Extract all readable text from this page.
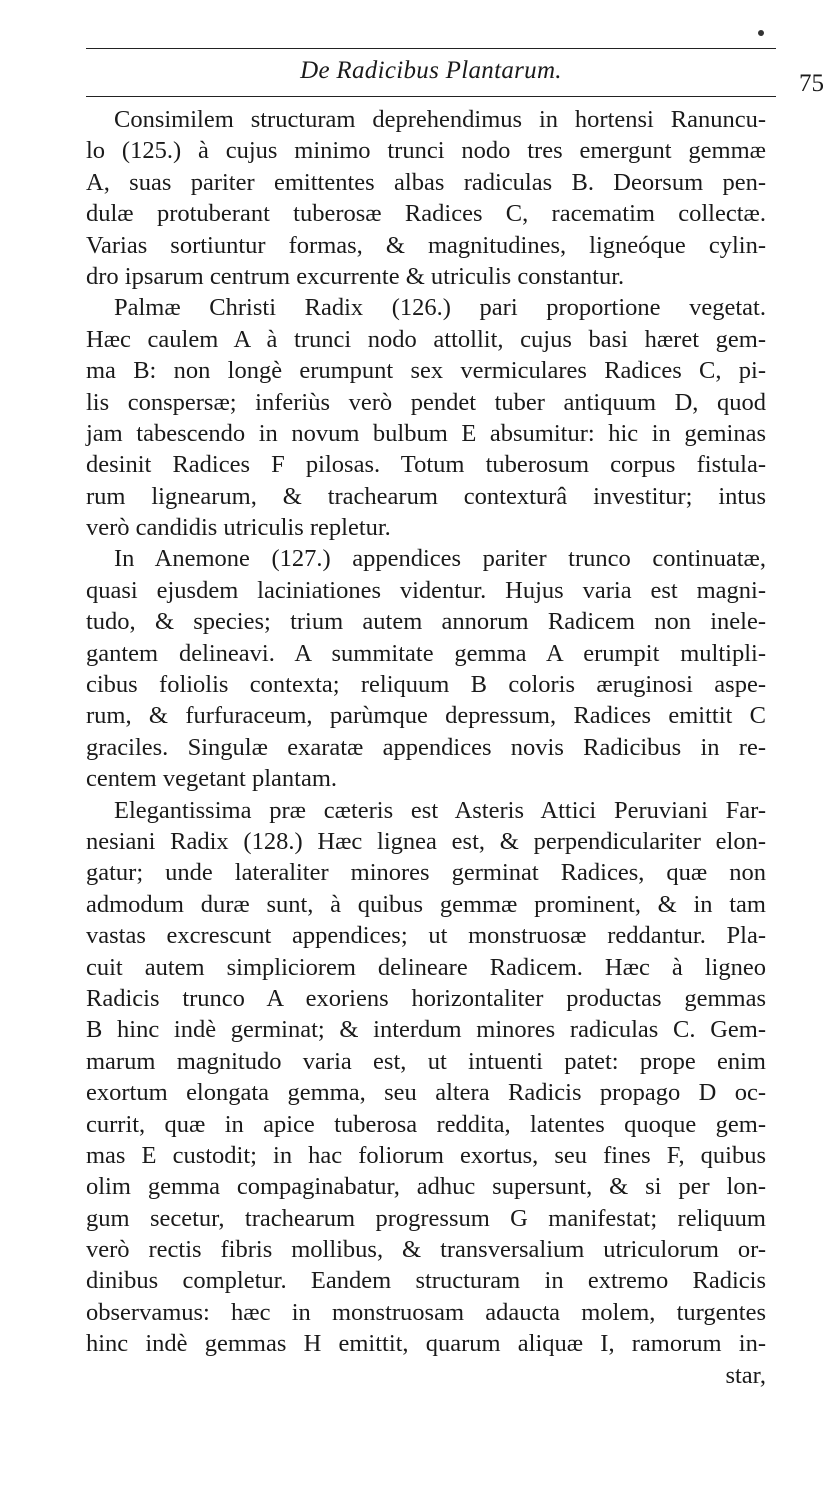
De Radicibus Plantarum.	75
Consimilem structuram deprehendimus in hortensi Ranuncu-
lo (125.) à cujus minimo trunci nodo tres emergunt gemmæ
A, suas pariter emittentes albas radiculas B. Deorsum pen-
dulæ protuberant tuberosæ Radices C, racematim collectæ.
Varias sortiuntur formas, & magnitudines, ligneóque cylin-
dro ipsarum centrum excurrente & utriculis constantur.
Palmæ Christi Radix (126.) pari proportione vegetat.
Hæc caulem A à trunci nodo attollit, cujus basi hæret gem-
ma B: non longè erumpunt sex vermiculares Radices C, pi-
lis conspersæ; inferiùs verò pendet tuber antiquum D, quod
jam tabescendo in novum bulbum E absumitur: hic in geminas
desinit Radices F pilosas. Totum tuberosum corpus fistula-
rum lignearum, & trachearum contexturâ investitur; intus
verò candidis utriculis repletur.
In Anemone (127.) appendices pariter trunco continuatæ,
quasi ejusdem laciniationes videntur. Hujus varia est magni-
tudo, & species; trium autem annorum Radicem non inele-
gantem delineavi. A summitate gemma A erumpit multipli-
cibus foliolis contexta; reliquum B coloris æruginosi aspe-
rum, & furfuraceum, parùmque depressum, Radices emittit C
graciles. Singulæ exaratæ appendices novis Radicibus in re-
centem vegetant plantam.
Elegantissima præ cæteris est Asteris Attici Peruviani Far-
nesiani Radix (128.) Hæc lignea est, & perpendiculariter elon-
gatur; unde lateraliter minores germinat Radices, quæ non
admodum duræ sunt, à quibus gemmæ prominent, & in tam
vastas excrescunt appendices; ut monstruosæ reddantur. Pla-
cuit autem simpliciorem delineare Radicem. Hæc à ligneo
Radicis trunco A exoriens horizontaliter productas gemmas
B hinc indè germinat; & interdum minores radiculas C. Gem-
marum magnitudo varia est, ut intuenti patet: prope enim
exortum elongata gemma, seu altera Radicis propago D oc-
currit, quæ in apice tuberosa reddita, latentes quoque gem-
mas E custodit; in hac foliorum exortus, seu fines F, quibus
olim gemma compaginabatur, adhuc supersunt, & si per lon-
gum secetur, trachearum progressum G manifestat; reliquum
verò rectis fibris mollibus, & transversalium utriculorum or-
dinibus completur. Eandem structuram in extremo Radicis
observamus: hæc in monstruosam adaucta molem, turgentes
hinc indè gemmas H emittit, quarum aliquæ I, ramorum in-
star,
